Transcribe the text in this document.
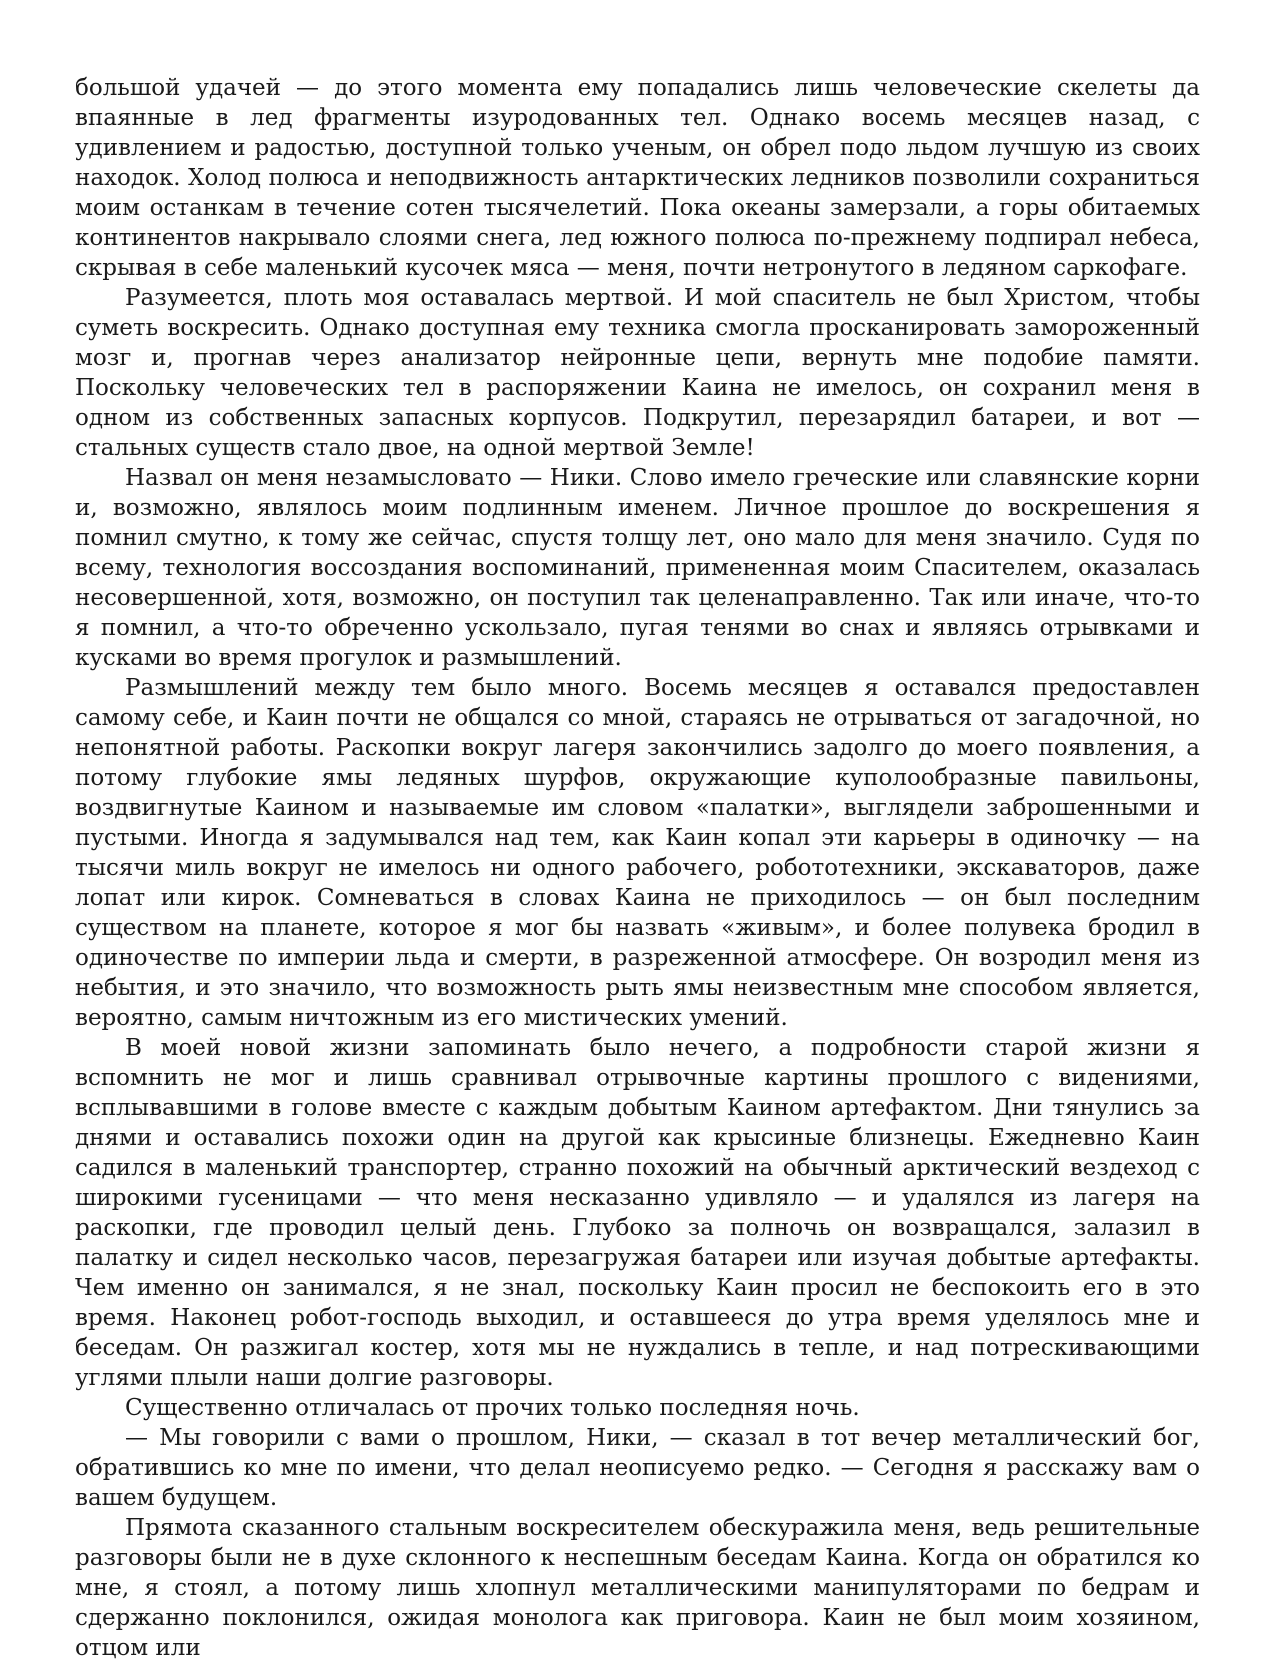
большой удачей — до этого момента ему попадались лишь человеческие скелеты да впаянные в лед фрагменты изуродованных тел. Однако восемь месяцев назад, с удивлением и радостью, доступной только ученым, он обрел подо льдом лучшую из своих находок. Холод полюса и неподвижность антарктических ледников позволили сохраниться моим останкам в течение сотен тысячелетий. Пока океаны замерзали, а горы обитаемых континентов накрывало слоями снега, лед южного полюса по-прежнему подпирал небеса, скрывая в себе маленький кусочек мяса — меня, почти нетронутого в ледяном саркофаге.

Разумеется, плоть моя оставалась мертвой. И мой спаситель не был Христом, чтобы суметь воскресить. Однако доступная ему техника смогла просканировать замороженный мозг и, прогнав через анализатор нейронные цепи, вернуть мне подобие памяти. Поскольку человеческих тел в распоряжении Каина не имелось, он сохранил меня в одном из собственных запасных корпусов. Подкрутил, перезарядил батареи, и вот — стальных существ стало двое, на одной мертвой Земле!

Назвал он меня незамысловато — Ники. Слово имело греческие или славянские корни и, возможно, являлось моим подлинным именем. Личное прошлое до воскрешения я помнил смутно, к тому же сейчас, спустя толщу лет, оно мало для меня значило. Судя по всему, технология воссоздания воспоминаний, примененная моим Спасителем, оказалась несовершенной, хотя, возможно, он поступил так целенаправленно. Так или иначе, что-то я помнил, а что-то обреченно ускользало, пугая тенями во снах и являясь отрывками и кусками во время прогулок и размышлений.

Размышлений между тем было много. Восемь месяцев я оставался предоставлен самому себе, и Каин почти не общался со мной, стараясь не отрываться от загадочной, но непонятной работы. Раскопки вокруг лагеря закончились задолго до моего появления, а потому глубокие ямы ледяных шурфов, окружающие куполообразные павильоны, воздвигнутые Каином и называемые им словом «палатки», выглядели заброшенными и пустыми. Иногда я задумывался над тем, как Каин копал эти карьеры в одиночку — на тысячи миль вокруг не имелось ни одного рабочего, робототехники, экскаваторов, даже лопат или кирок. Сомневаться в словах Каина не приходилось — он был последним существом на планете, которое я мог бы назвать «живым», и более полувека бродил в одиночестве по империи льда и смерти, в разреженной атмосфере. Он возродил меня из небытия, и это значило, что возможность рыть ямы неизвестным мне способом является, вероятно, самым ничтожным из его мистических умений.

В моей новой жизни запоминать было нечего, а подробности старой жизни я вспомнить не мог и лишь сравнивал отрывочные картины прошлого с видениями, всплывавшими в голове вместе с каждым добытым Каином артефактом. Дни тянулись за днями и оставались похожи один на другой как крысиные близнецы. Ежедневно Каин садился в маленький транспортер, странно похожий на обычный арктический вездеход с широкими гусеницами — что меня несказанно удивляло — и удалялся из лагеря на раскопки, где проводил целый день. Глубоко за полночь он возвращался, залазил в палатку и сидел несколько часов, перезагружая батареи или изучая добытые артефакты. Чем именно он занимался, я не знал, поскольку Каин просил не беспокоить его в это время. Наконец робот-господь выходил, и оставшееся до утра время уделялось мне и беседам. Он разжигал костер, хотя мы не нуждались в тепле, и над потрескивающими углями плыли наши долгие разговоры.

Существенно отличалась от прочих только последняя ночь.

— Мы говорили с вами о прошлом, Ники, — сказал в тот вечер металлический бог, обратившись ко мне по имени, что делал неописуемо редко. — Сегодня я расскажу вам о вашем будущем.

Прямота сказанного стальным воскресителем обескуражила меня, ведь решительные разговоры были не в духе склонного к неспешным беседам Каина. Когда он обратился ко мне, я стоял, а потому лишь хлопнул металлическими манипуляторами по бедрам и сдержанно поклонился, ожидая монолога как приговора. Каин не был моим хозяином, отцом или
